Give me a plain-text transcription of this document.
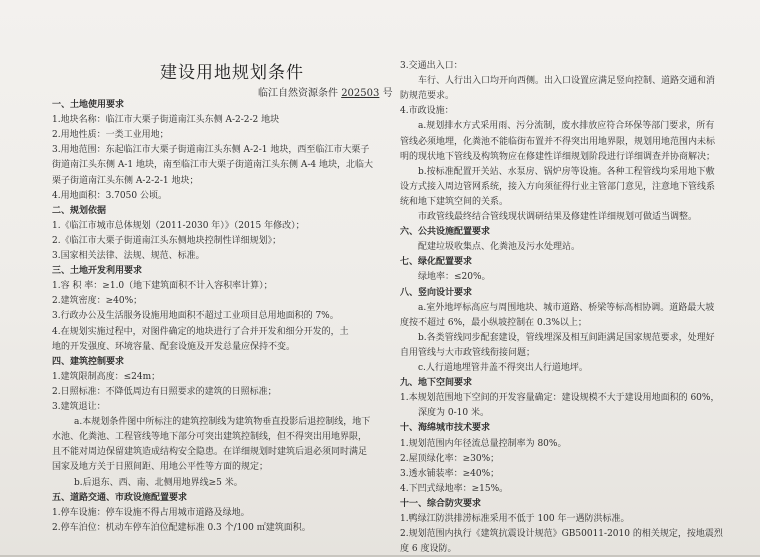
建设用地规划条件
临江自然资源条件 202503 号
一、土地使用要求
1.地块名称：临江市大栗子街道南江头东侧 A-2-2-2 地块
2.用地性质：一类工业用地；
3.用地范围：东起临江市大栗子街道南江头东侧 A-2-1 地块，西至临江市大栗子
街道南江头东侧 A-1 地块，南至临江市大栗子街道南江头东侧 A-4 地块，北临大
栗子街道南江头东侧 A-2-2-1 地块；
4.用地面积：3.7050 公顷。
二、规划依据
1.《临江市城市总体规划（2011-2030 年）》（2015 年修改）；
2.《临江市大栗子街道南江头东侧地块控制性详细规划》；
3.国家相关法律、法规、规范、标准。
三、土地开发利用要求
1.容 积 率：≥1.0（地下建筑面积不计入容积率计算）；
2.建筑密度：≥40%；
3.行政办公及生活服务设施用地面积不超过工业项目总用地面积的 7%。
4.在规划实施过程中，对图件确定的地块进行了合并开发和细分开发的，土
地的开发强度、环境容量、配套设施及开发总量应保持不变。
四、建筑控制要求
1.建筑限制高度：≤24m；
2.日照标准：不降低周边有日照要求的建筑的日照标准；
3.建筑退让：
a.本规划条件图中所标注的建筑控制线为建筑物垂直投影后退控制线，地下
水池、化粪池、工程管线等地下部分可突出建筑控制线，但不得突出用地界限，
且不能对周边保留建筑造成结构安全隐患。在详细规划时建筑后退必须同时满足
国家及地方关于日照间距、用地公平性等方面的规定；
b.后退东、西、南、北侧用地界线≥5 米。
五、道路交通、市政设施配置要求
1.停车设施：停车设施不得占用城市道路及绿地。
2.停车泊位：机动车停车泊位配建标准 0.3 个/100 ㎡建筑面积。
3.交通出入口：
车行、人行出入口均开向西侧。出入口设置应满足竖向控制、道路交通和消
防规范要求。
4.市政设施：
a.规划排水方式采用雨、污分流制，废水排放应符合环保等部门要求，所有
管线必须地埋，化粪池不能临街布置并不得突出用地界限，规划用地范围内未标
明的现状地下管线及构筑物应在修建性详细规划阶段进行详细调查并协商解决；
b.按标准配置开关站、水泵房、锅炉房等设施。各种工程管线均采用地下敷
设方式接入周边管网系统，接入方向须征得行业主管部门意见，注意地下管线系
统和地下建筑空间的关系。
市政管线最终结合管线现状调研结果及修建性详细规划可做适当调整。
六、公共设施配置要求
配建垃圾收集点、化粪池及污水处理站。
七、绿化配置要求
绿地率：≤20%。
八、竖向设计要求
a.室外地坪标高应与周围地块、城市道路、桥梁等标高相协调。道路最大坡
度按不超过 6%，最小纵坡控制在 0.3%以上；
b.各类管线同步配套建设，管线埋深及相互间距满足国家规范要求，处理好
自用管线与大市政管线衔接问题；
c.人行道地埋管井盖不得突出人行道地坪。
九、地下空间要求
1.本规划范围地下空间的开发容量确定：建设规模不大于建设用地面积的 60%，
深度为 0-10 米。
十、海绵城市技术要求
1.规划范围内年径流总量控制率为 80%。
2.屋顶绿化率：≥30%；
3.透水铺装率：≥40%；
4.下凹式绿地率：≥15%。
十一、综合防灾要求
1.鸭绿江防洪排涝标准采用不低于 100 年一遇防洪标准。
2.规划范围内执行《建筑抗震设计规范》GB50011-2010 的相关规定，按地震烈
度 6 度设防。
